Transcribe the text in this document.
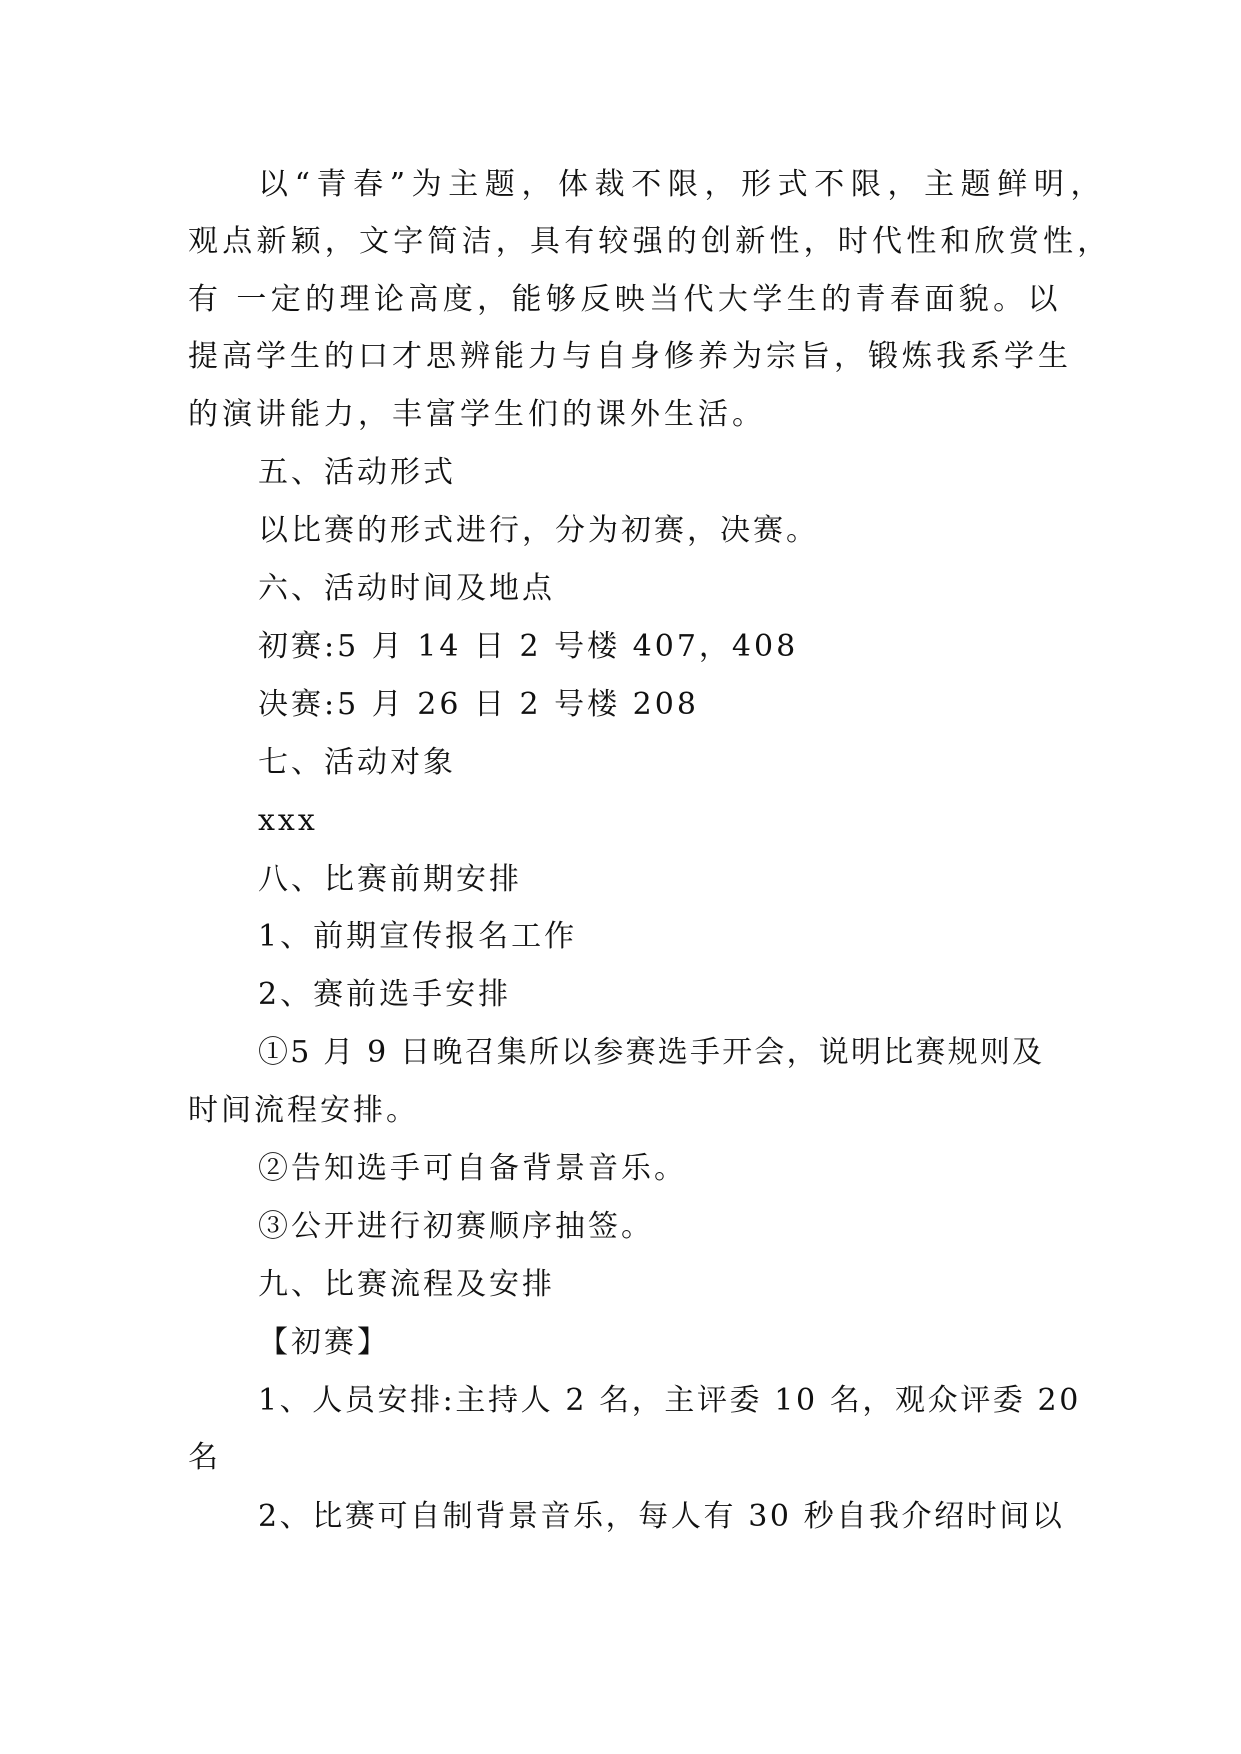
以“青春”为主题，体裁不限，形式不限，主题鲜明，
观点新颖，文字简洁，具有较强的创新性，时代性和欣赏性，
有 一定的理论高度，能够反映当代大学生的青春面貌。以
提高学生的口才思辨能力与自身修养为宗旨，锻炼我系学生
的演讲能力，丰富学生们的课外生活。
五、活动形式
以比赛的形式进行，分为初赛，决赛。
六、活动时间及地点
初赛:5 月 14 日 2 号楼 407，408
决赛:5 月 26 日 2 号楼 208
七、活动对象
xxx
八、比赛前期安排
1、前期宣传报名工作
2、赛前选手安排
①5 月 9 日晚召集所以参赛选手开会，说明比赛规则及
时间流程安排。
②告知选手可自备背景音乐。
③公开进行初赛顺序抽签。
九、比赛流程及安排
【初赛】
1、人员安排:主持人 2 名，主评委 10 名，观众评委 20
名
2、比赛可自制背景音乐，每人有 30 秒自我介绍时间以
